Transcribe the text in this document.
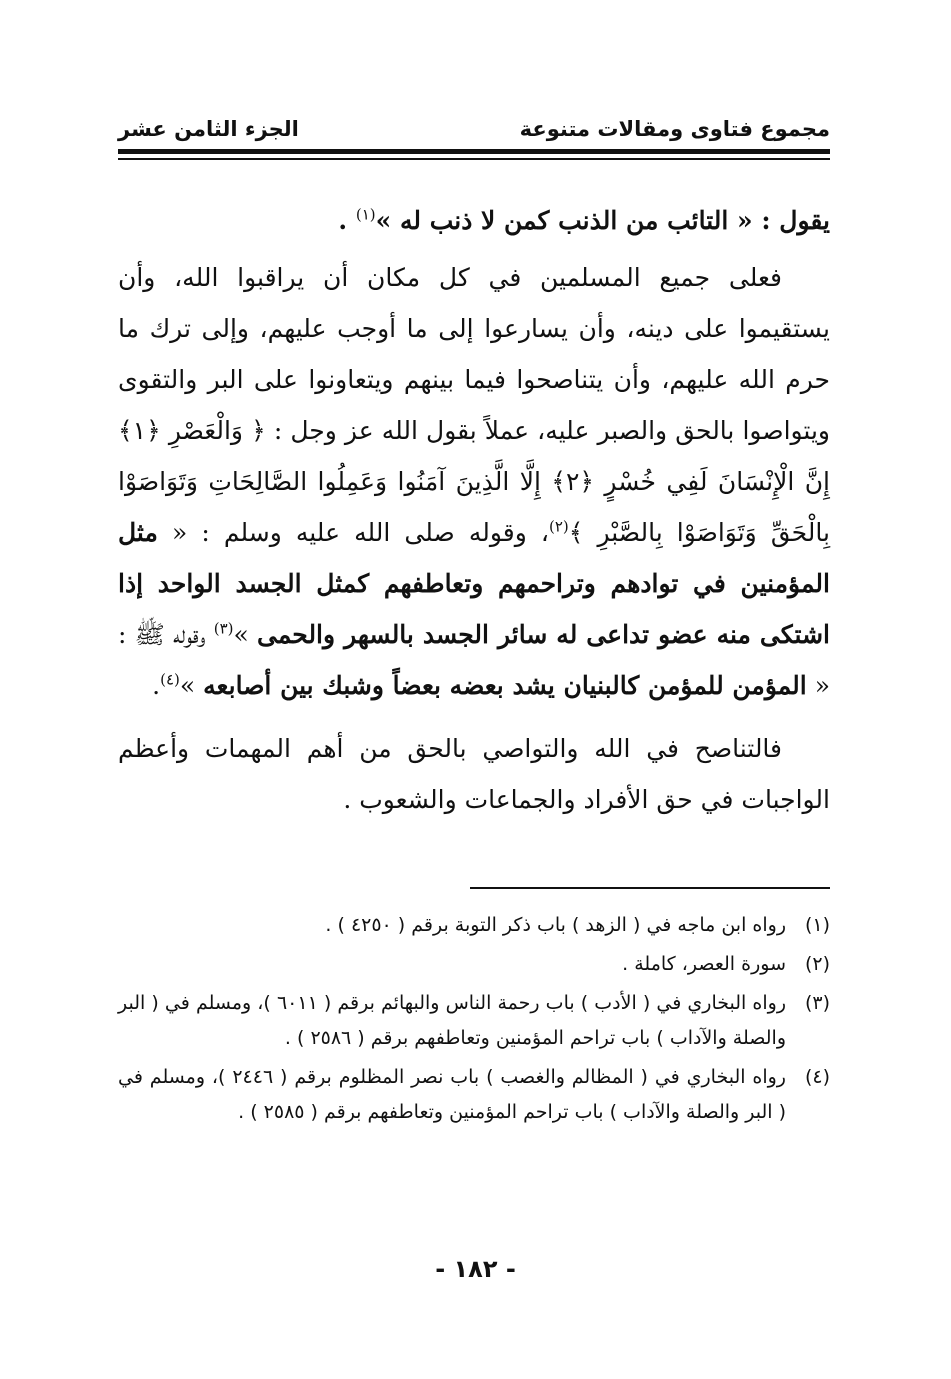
مجموع فتاوى ومقالات متنوعة
الجزء الثامن عشر

يقول : « التائب من الذنب كمن لا ذنب له »$^{(١)}$ .

فعلى جميع المسلمين في كل مكان أن يراقبوا الله، وأن يستقيموا على دينه، وأن يسارعوا إلى ما أوجب عليهم، وإلى ترك ما حرم الله عليهم، وأن يتناصحوا فيما بينهم ويتعاونوا على البر والتقوى ويتواصوا بالحق والصبر عليه، عملاً بقول الله عز وجل : ﴿ وَالْعَصْرِ ﴿١﴾ إِنَّ الْإِنْسَانَ لَفِي خُسْرٍ ﴿٢﴾ إِلَّا الَّذِينَ آمَنُوا وَعَمِلُوا الصَّالِحَاتِ وَتَوَاصَوْا بِالْحَقِّ وَتَوَاصَوْا بِالصَّبْرِ ﴾$^{(٢)}$، وقوله صلى الله عليه وسلم : « مثل المؤمنين في توادهم وتراحمهم وتعاطفهم كمثل الجسد الواحد إذا اشتكى منه عضو تداعى له سائر الجسد بالسهر والحمى »$^{(٣)}$ وقوله ﷺ : « المؤمن للمؤمن كالبنيان يشد بعضه بعضاً وشبك بين أصابعه »$^{(٤)}$.

فالتناصح في الله والتواصي بالحق من أهم المهمات وأعظم الواجبات في حق الأفراد والجماعات والشعوب .

(١)
رواه ابن ماجه في ( الزهد ) باب ذكر التوبة برقم ( ٤٢٥٠ ) .
(٢)
سورة العصر، كاملة .
(٣)
رواه البخاري في ( الأدب ) باب رحمة الناس والبهائم برقم ( ٦٠١١ )، ومسلم في ( البر والصلة والآداب ) باب تراحم المؤمنين وتعاطفهم برقم ( ٢٥٨٦ ) .
(٤)
رواه البخاري في ( المظالم والغصب ) باب نصر المظلوم برقم ( ٢٤٤٦ )، ومسلم في ( البر والصلة والآداب ) باب تراحم المؤمنين وتعاطفهم برقم ( ٢٥٨٥ ) .
- ١٨٢ -
